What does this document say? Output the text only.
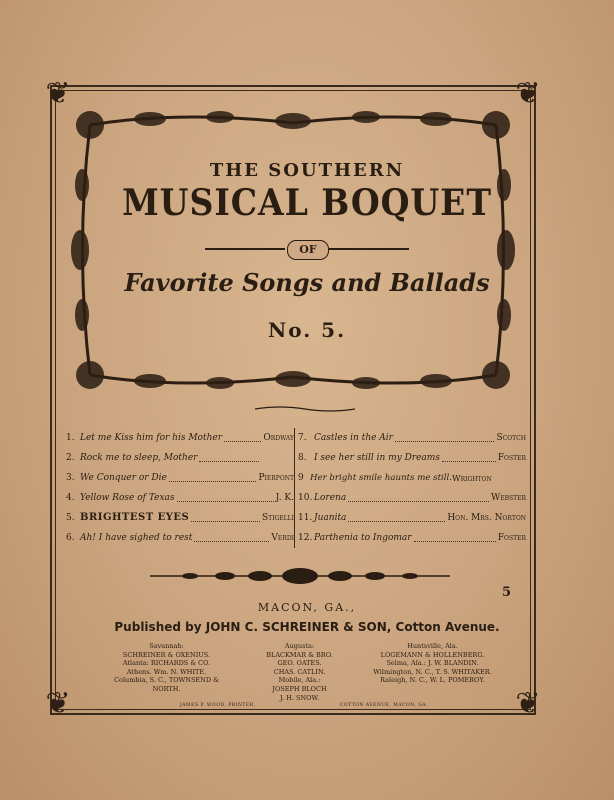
❦	❦
❦	❦
THE SOUTHERN
MUSICAL BOQUET
OF
Favorite Songs and Ballads
No. 5.
1. Let me Kiss him for his Mother	Ordway
2. Rock me to sleep, Mother
3. We Conquer or Die	Pierpont
4. Yellow Rose of Texas	J. K.
5. BRIGHTEST EYES	Stigelli
6. Ah! I have sighed to rest	Verdi
7. Castles in the Air	Scotch
8. I see her still in my Dreams	Foster
9 Her bright smile haunts me still. Wrighton
10. Lorena	Webster
11. Juanita	Hon. Mrs. Norton
12. Parthenia to Ingomar	Foster
5
MACON, GA.,
Published by JOHN C. SCHREINER & SON, Cotton Avenue.
Savannah:
SCHREINER & OXENIUS.
Atlanta: RICHARDS & CO.
Athens. Wm. N. WHITE.
Columbia, S. C., TOWNSEND & NORTH.
Augusta:
BLACKMAR & BRO.
GEO. OATES.
CHAS. CATLIN.
Mobile, Ala.:
JOSEPH BLOCH
J. H. SNOW.
Huntsville, Ala.
LOGEMANN & HOLLENBERG.
Selma, Ala.: J. W. BLANDIN.
Wilmington, N. C., T. S. WHITAKER.
Raleigh, N. C., W. L. POMEROY.
JAMES P. WOOD, PRINTER,	COTTON AVENUE, MACON, GA.
